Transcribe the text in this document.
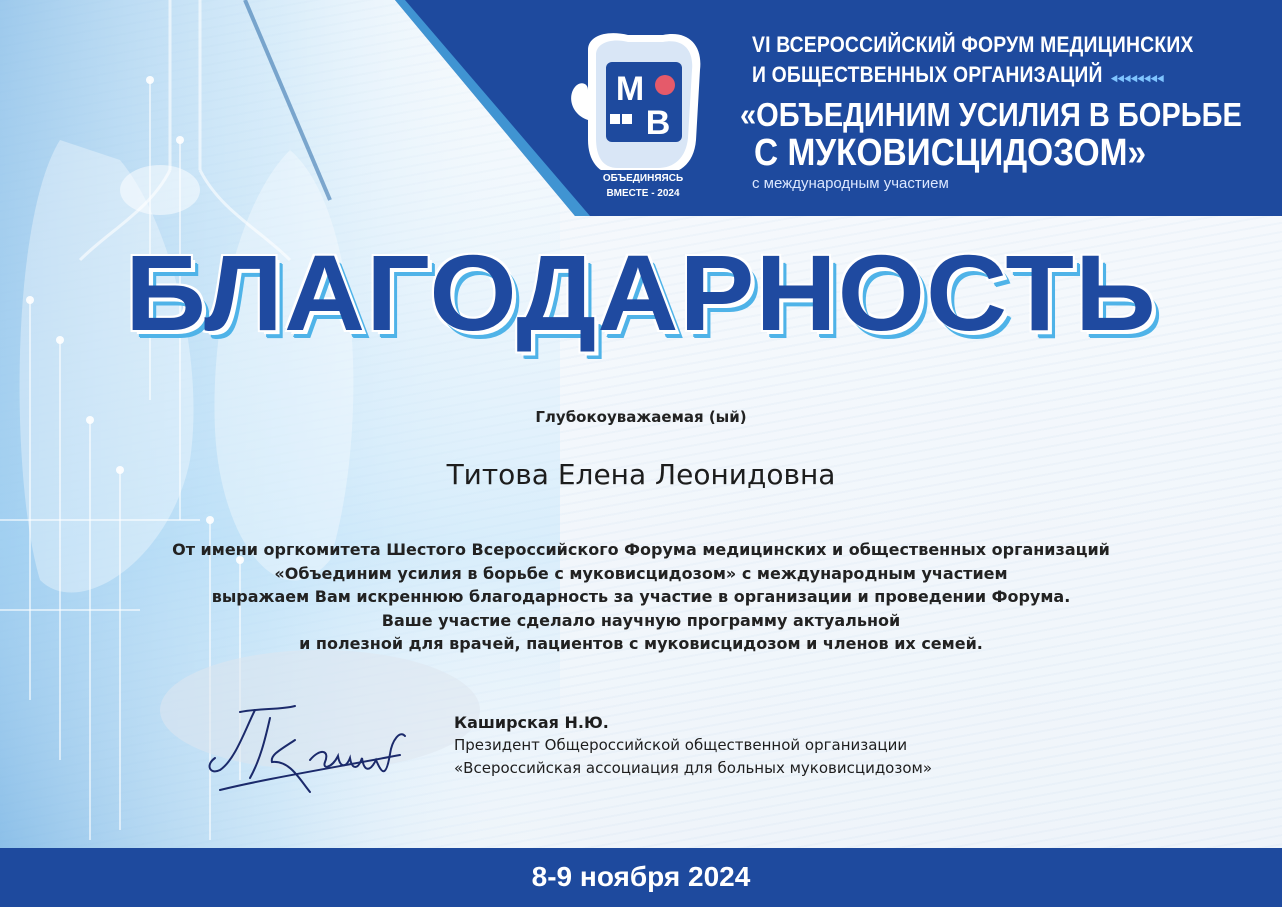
М
В
ОБЪЕДИНЯЯСЬ
ВМЕСТЕ - 2024
VI ВСЕРОССИЙСКИЙ ФОРУМ МЕДИЦИНСКИХ
И ОБЩЕСТВЕННЫХ ОРГАНИЗАЦИЙ ◂◂◂◂◂◂◂◂
«ОБЪЕДИНИМ УСИЛИЯ В БОРЬБЕ
С МУКОВИСЦИДОЗОМ»
с международным участием
БЛАГОДАРНОСТЬ
Глубокоуважаемая (ый)
Титова Елена Леонидовна
От имени оргкомитета Шестого Всероссийского Форума медицинских и общественных организаций
«Объединим усилия в борьбе с муковисцидозом» с международным участием
выражаем Вам искреннюю благодарность за участие в организации и проведении Форума.
Ваше участие сделало научную программу актуальной
и полезной для врачей, пациентов с муковисцидозом и членов их семей.
Каширская Н.Ю.
Президент Общероссийской общественной организации
«Всероссийская ассоциация для больных муковисцидозом»
8-9 ноября 2024
